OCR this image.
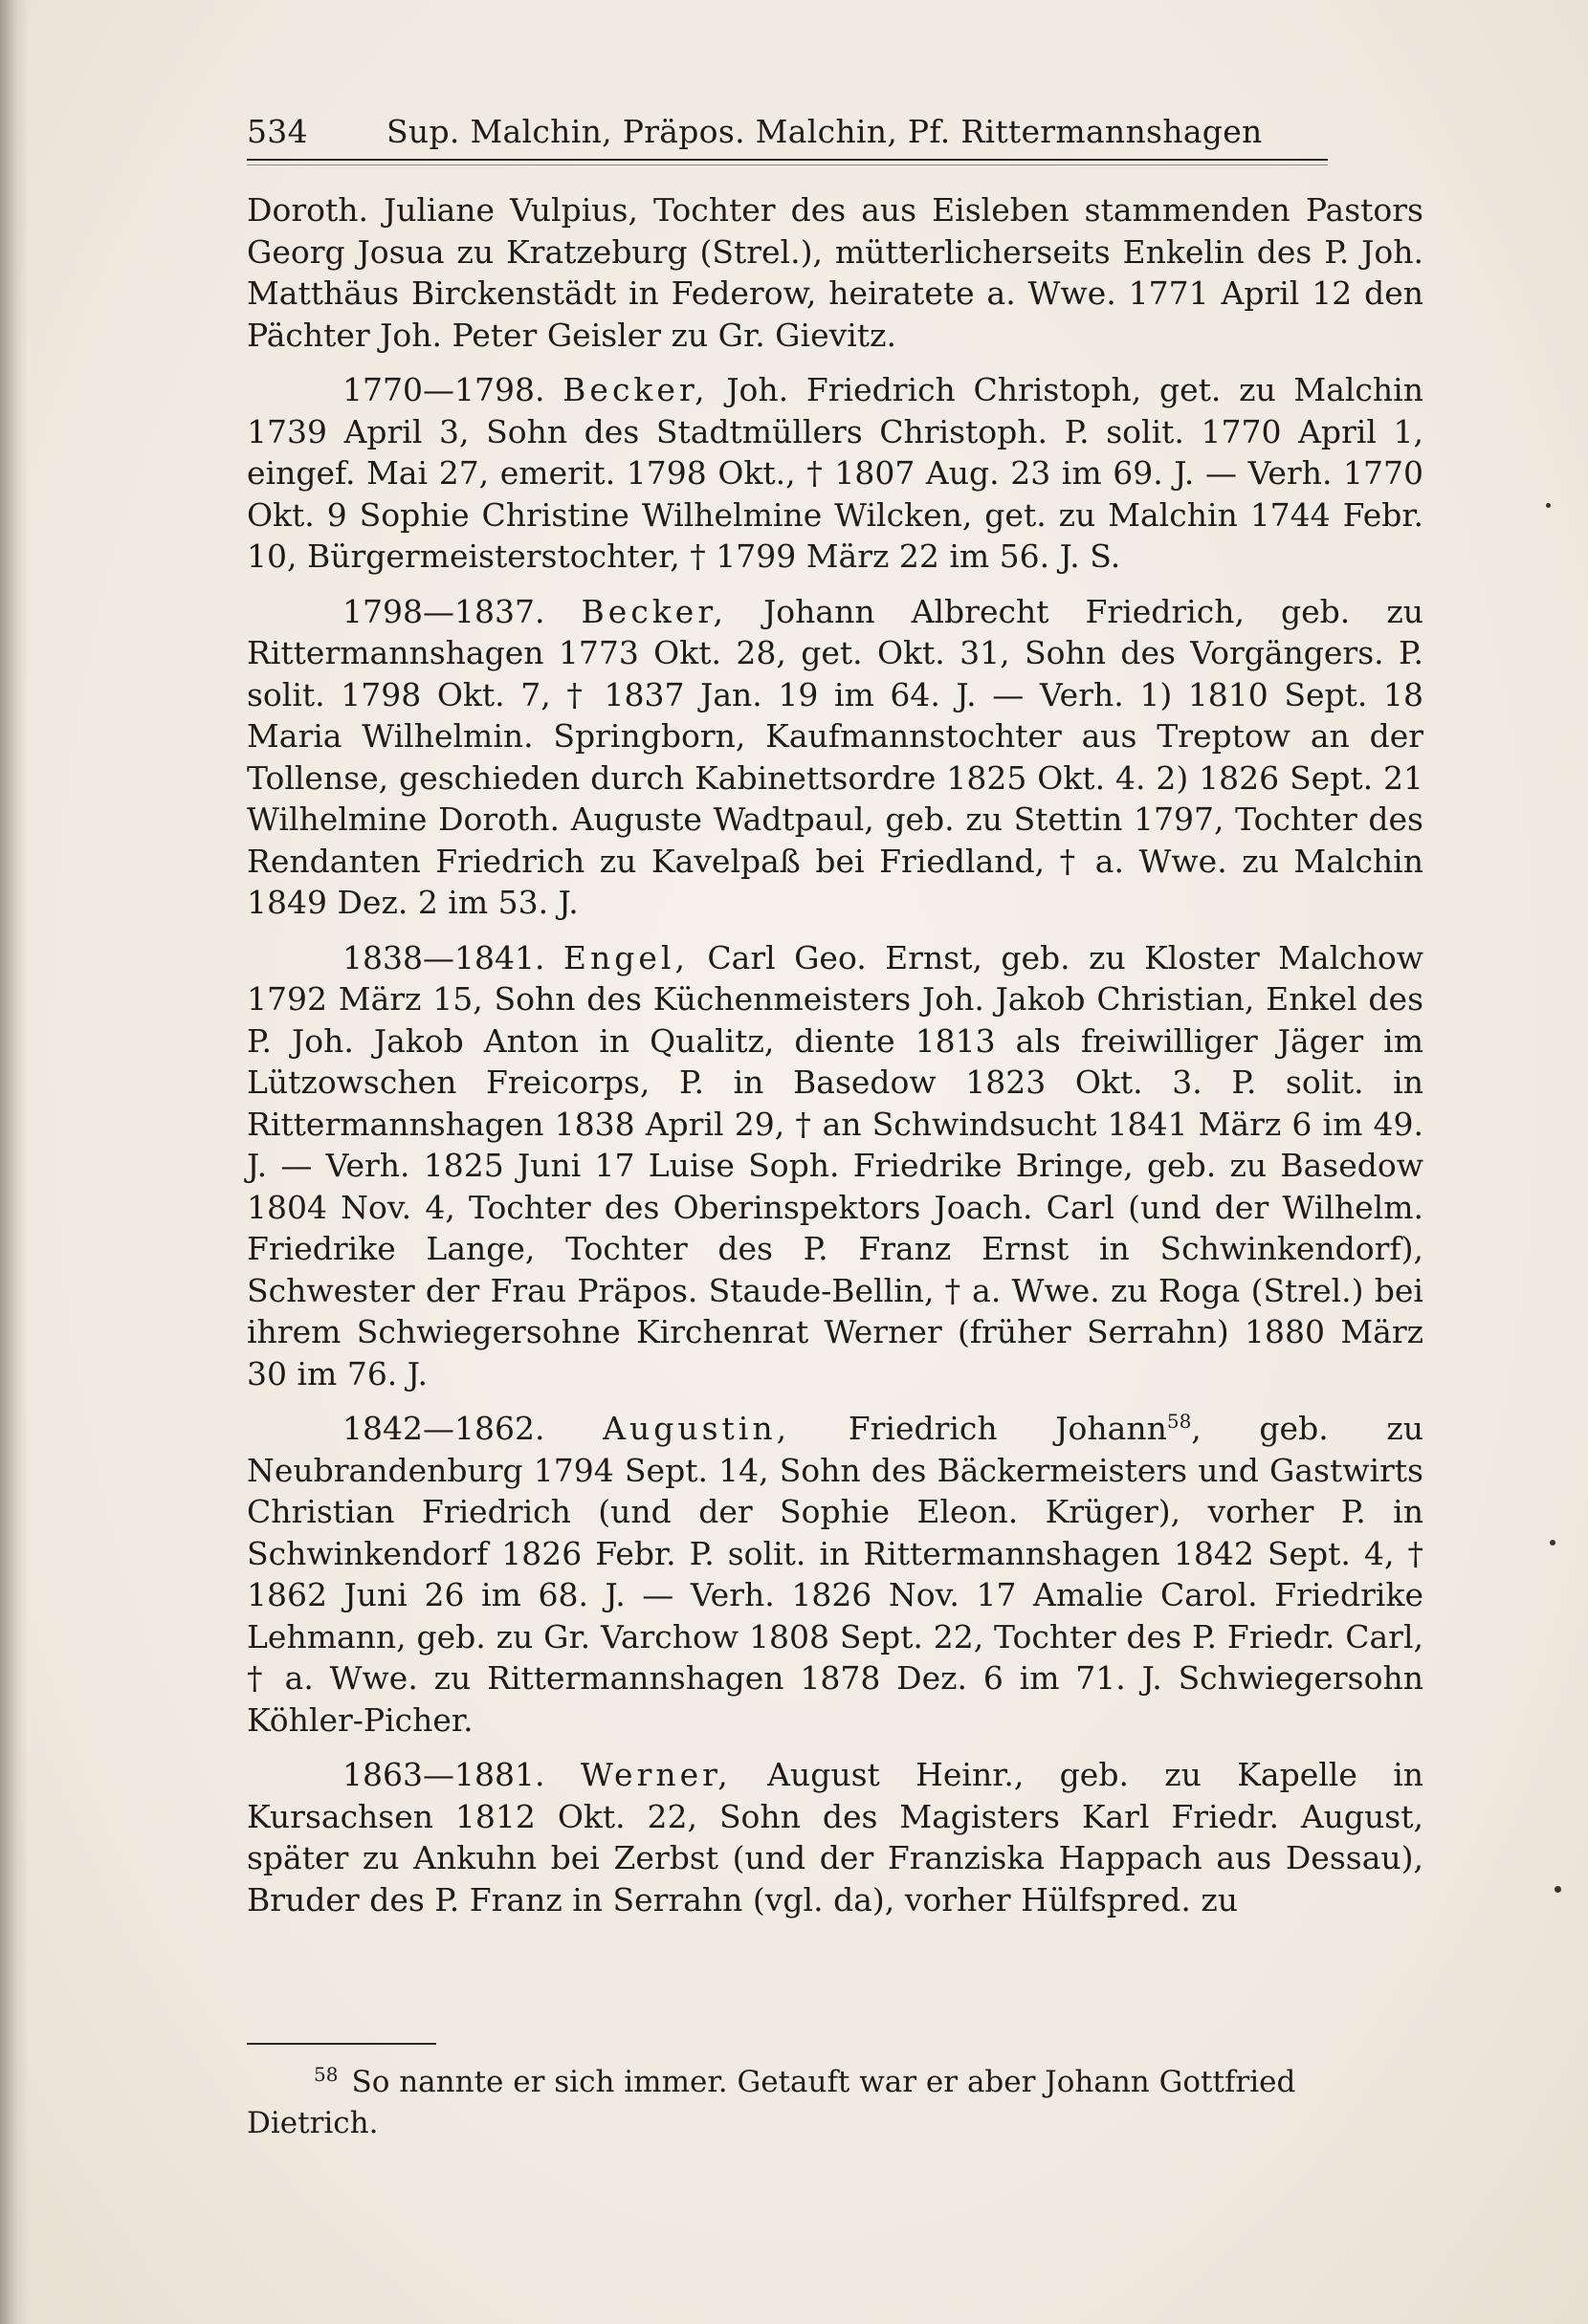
534 Sup. Malchin, Präpos. Malchin, Pf. Rittermannshagen

Doroth. Juliane Vulpius, Tochter des aus Eisleben stammenden Pastors Georg Josua zu Kratzeburg (Strel.), mütterlicherseits Enkelin des P. Joh. Matthäus Birckenstädt in Federow, heiratete a. Wwe. 1771 April 12 den Pächter Joh. Peter Geisler zu Gr. Gievitz.

1770—1798. Becker, Joh. Friedrich Christoph, get. zu Malchin 1739 April 3, Sohn des Stadtmüllers Christoph. P. solit. 1770 April 1, eingef. Mai 27, emerit. 1798 Okt., † 1807 Aug. 23 im 69. J. — Verh. 1770 Okt. 9 Sophie Christine Wilhelmine Wilcken, get. zu Malchin 1744 Febr. 10, Bürgermeisterstochter, † 1799 März 22 im 56. J. S.

1798—1837. Becker, Johann Albrecht Friedrich, geb. zu Rittermannshagen 1773 Okt. 28, get. Okt. 31, Sohn des Vorgängers. P. solit. 1798 Okt. 7, † 1837 Jan. 19 im 64. J. — Verh. 1) 1810 Sept. 18 Maria Wilhelmin. Springborn, Kaufmannstochter aus Treptow an der Tollense, geschieden durch Kabinettsordre 1825 Okt. 4. 2) 1826 Sept. 21 Wilhelmine Doroth. Auguste Wadtpaul, geb. zu Stettin 1797, Tochter des Rendanten Friedrich zu Kavelpaß bei Friedland, † a. Wwe. zu Malchin 1849 Dez. 2 im 53. J.

1838—1841. Engel, Carl Geo. Ernst, geb. zu Kloster Malchow 1792 März 15, Sohn des Küchenmeisters Joh. Jakob Christian, Enkel des P. Joh. Jakob Anton in Qualitz, diente 1813 als freiwilliger Jäger im Lützowschen Freicorps, P. in Basedow 1823 Okt. 3. P. solit. in Rittermannshagen 1838 April 29, † an Schwindsucht 1841 März 6 im 49. J. — Verh. 1825 Juni 17 Luise Soph. Friedrike Bringe, geb. zu Basedow 1804 Nov. 4, Tochter des Oberinspektors Joach. Carl (und der Wilhelm. Friedrike Lange, Tochter des P. Franz Ernst in Schwinkendorf), Schwester der Frau Präpos. Staude-Bellin, † a. Wwe. zu Roga (Strel.) bei ihrem Schwiegersohne Kirchenrat Werner (früher Serrahn) 1880 März 30 im 76. J.

1842—1862. Augustin, Friedrich Johann$^{58}$, geb. zu Neubrandenburg 1794 Sept. 14, Sohn des Bäckermeisters und Gastwirts Christian Friedrich (und der Sophie Eleon. Krüger), vorher P. in Schwinkendorf 1826 Febr. P. solit. in Rittermannshagen 1842 Sept. 4, † 1862 Juni 26 im 68. J. — Verh. 1826 Nov. 17 Amalie Carol. Friedrike Lehmann, geb. zu Gr. Varchow 1808 Sept. 22, Tochter des P. Friedr. Carl, † a. Wwe. zu Rittermannshagen 1878 Dez. 6 im 71. J. Schwiegersohn Köhler-Picher.

1863—1881. Werner, August Heinr., geb. zu Kapelle in Kursachsen 1812 Okt. 22, Sohn des Magisters Karl Friedr. August, später zu Ankuhn bei Zerbst (und der Franziska Happach aus Dessau), Bruder des P. Franz in Serrahn (vgl. da), vorher Hülfspred. zu

$^{58}$ So nannte er sich immer. Getauft war er aber Johann Gottfried Dietrich.
